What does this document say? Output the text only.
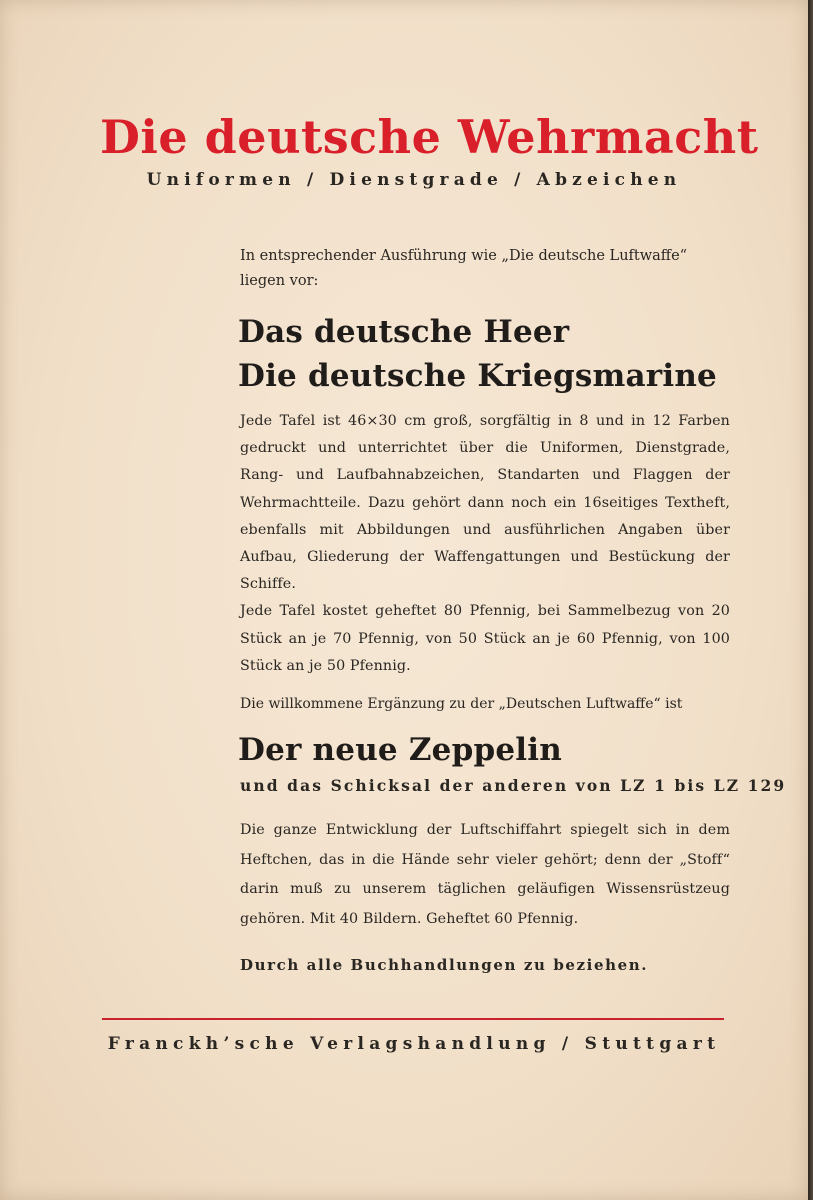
Die deutsche Wehrmacht
Uniformen / Dienstgrade / Abzeichen
In entsprechender Ausführung wie „Die deutsche Luftwaffe“ liegen vor:
Das deutsche Heer
Die deutsche Kriegsmarine
Jede Tafel ist 46×30 cm groß, sorgfältig in 8 und in 12 Farben gedruckt und unterrichtet über die Uniformen, Dienstgrade, Rang- und Laufbahnabzeichen, Standarten und Flaggen der Wehrmachtteile. Dazu gehört dann noch ein 16seitiges Textheft, ebenfalls mit Abbildungen und ausführlichen Angaben über Aufbau, Gliederung der Waffengattungen und Bestückung der Schiffe.
Jede Tafel kostet geheftet 80 Pfennig, bei Sammelbezug von 20 Stück an je 70 Pfennig, von 50 Stück an je 60 Pfennig, von 100 Stück an je 50 Pfennig.
Die willkommene Ergänzung zu der „Deutschen Luftwaffe“ ist
Der neue Zeppelin
und das Schicksal der anderen von LZ 1 bis LZ 129
Die ganze Entwicklung der Luftschiffahrt spiegelt sich in dem Heftchen, das in die Hände sehr vieler gehört; denn der „Stoff“ darin muß zu unserem täglichen geläufigen Wissensrüstzeug gehören. Mit 40 Bildern. Geheftet 60 Pfennig.
Durch alle Buchhandlungen zu beziehen.
Franckh’sche Verlagshandlung / Stuttgart
